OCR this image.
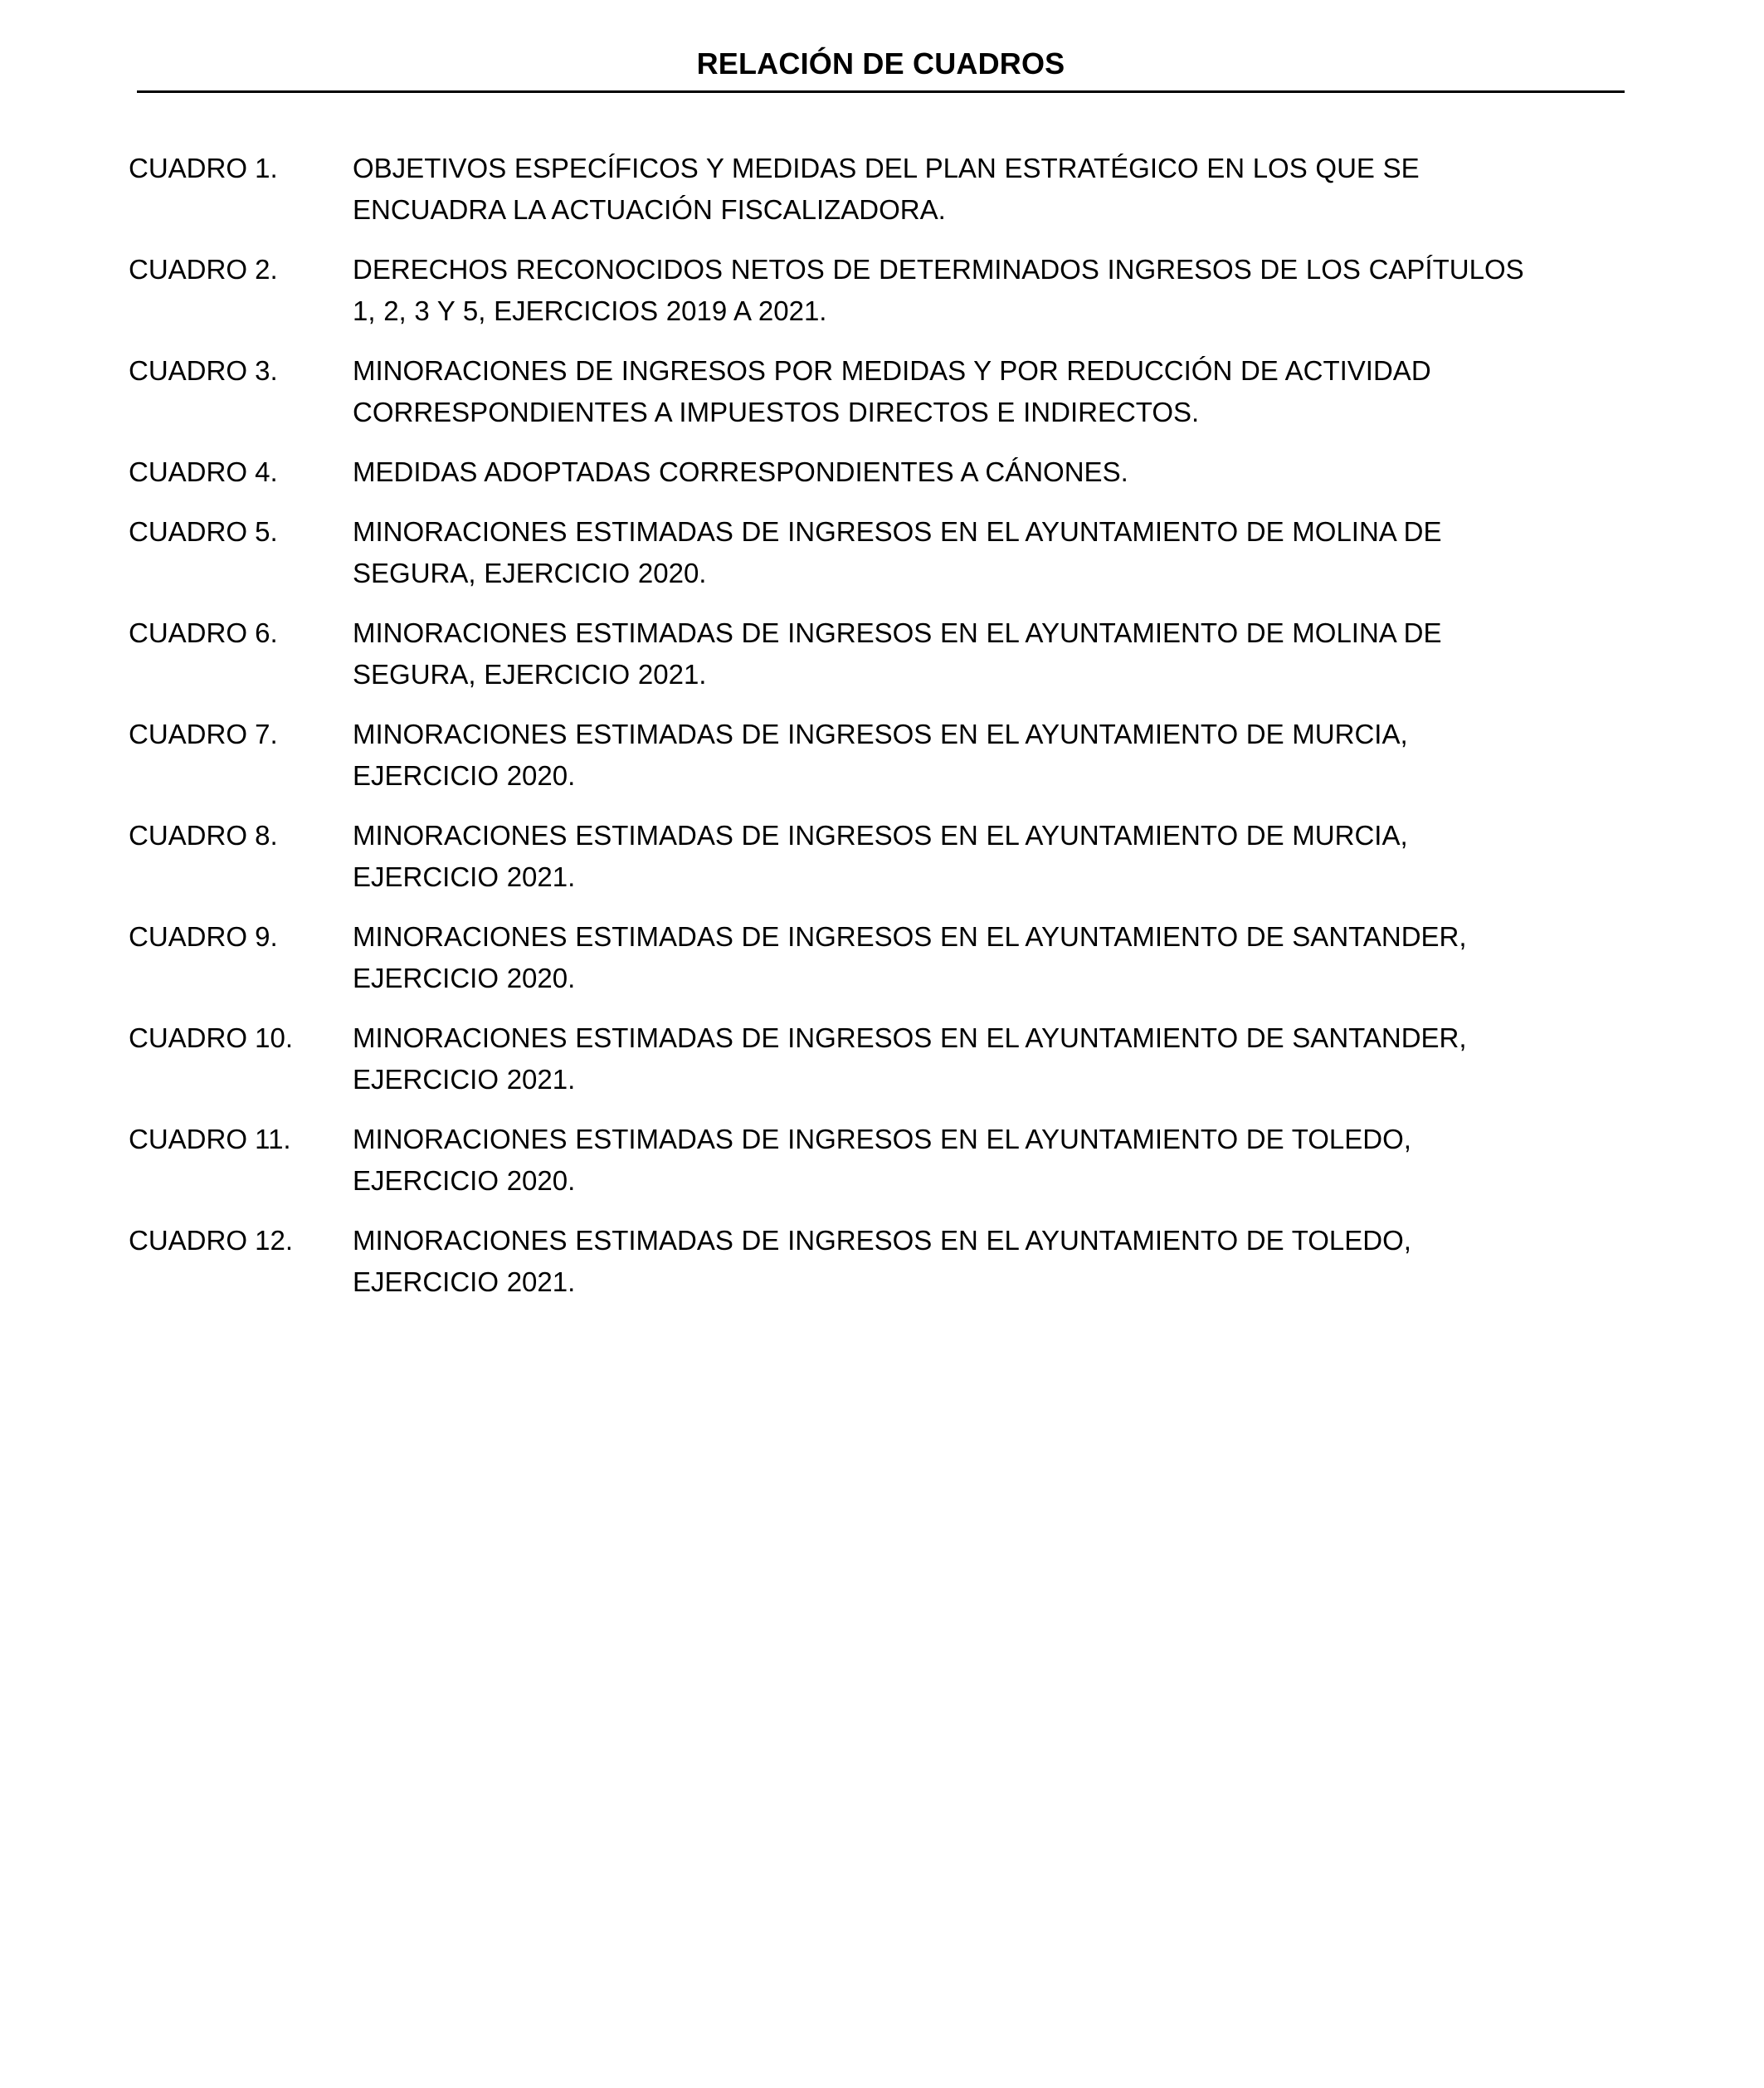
RELACIÓN DE CUADROS
CUADRO 1.	OBJETIVOS ESPECÍFICOS Y MEDIDAS DEL PLAN ESTRATÉGICO EN LOS QUE SE ENCUADRA LA ACTUACIÓN FISCALIZADORA.
CUADRO 2.	DERECHOS RECONOCIDOS NETOS DE DETERMINADOS INGRESOS DE LOS CAPÍTULOS 1, 2, 3 Y 5, EJERCICIOS 2019 A 2021.
CUADRO 3.	MINORACIONES DE INGRESOS POR MEDIDAS Y POR REDUCCIÓN DE ACTIVIDAD CORRESPONDIENTES A IMPUESTOS DIRECTOS E INDIRECTOS.
CUADRO 4.	MEDIDAS ADOPTADAS CORRESPONDIENTES A CÁNONES.
CUADRO 5.	MINORACIONES ESTIMADAS DE INGRESOS EN EL AYUNTAMIENTO DE MOLINA DE SEGURA, EJERCICIO 2020.
CUADRO 6.	MINORACIONES ESTIMADAS DE INGRESOS EN EL AYUNTAMIENTO DE MOLINA DE SEGURA, EJERCICIO 2021.
CUADRO 7.	MINORACIONES ESTIMADAS DE INGRESOS EN EL AYUNTAMIENTO DE MURCIA, EJERCICIO 2020.
CUADRO 8.	MINORACIONES ESTIMADAS DE INGRESOS EN EL AYUNTAMIENTO DE MURCIA, EJERCICIO 2021.
CUADRO 9.	MINORACIONES ESTIMADAS DE INGRESOS EN EL AYUNTAMIENTO DE SANTANDER, EJERCICIO 2020.
CUADRO 10.	MINORACIONES ESTIMADAS DE INGRESOS EN EL AYUNTAMIENTO DE SANTANDER, EJERCICIO 2021.
CUADRO 11.	MINORACIONES ESTIMADAS DE INGRESOS EN EL AYUNTAMIENTO DE TOLEDO, EJERCICIO 2020.
CUADRO 12.	MINORACIONES ESTIMADAS DE INGRESOS EN EL AYUNTAMIENTO DE TOLEDO, EJERCICIO 2021.
